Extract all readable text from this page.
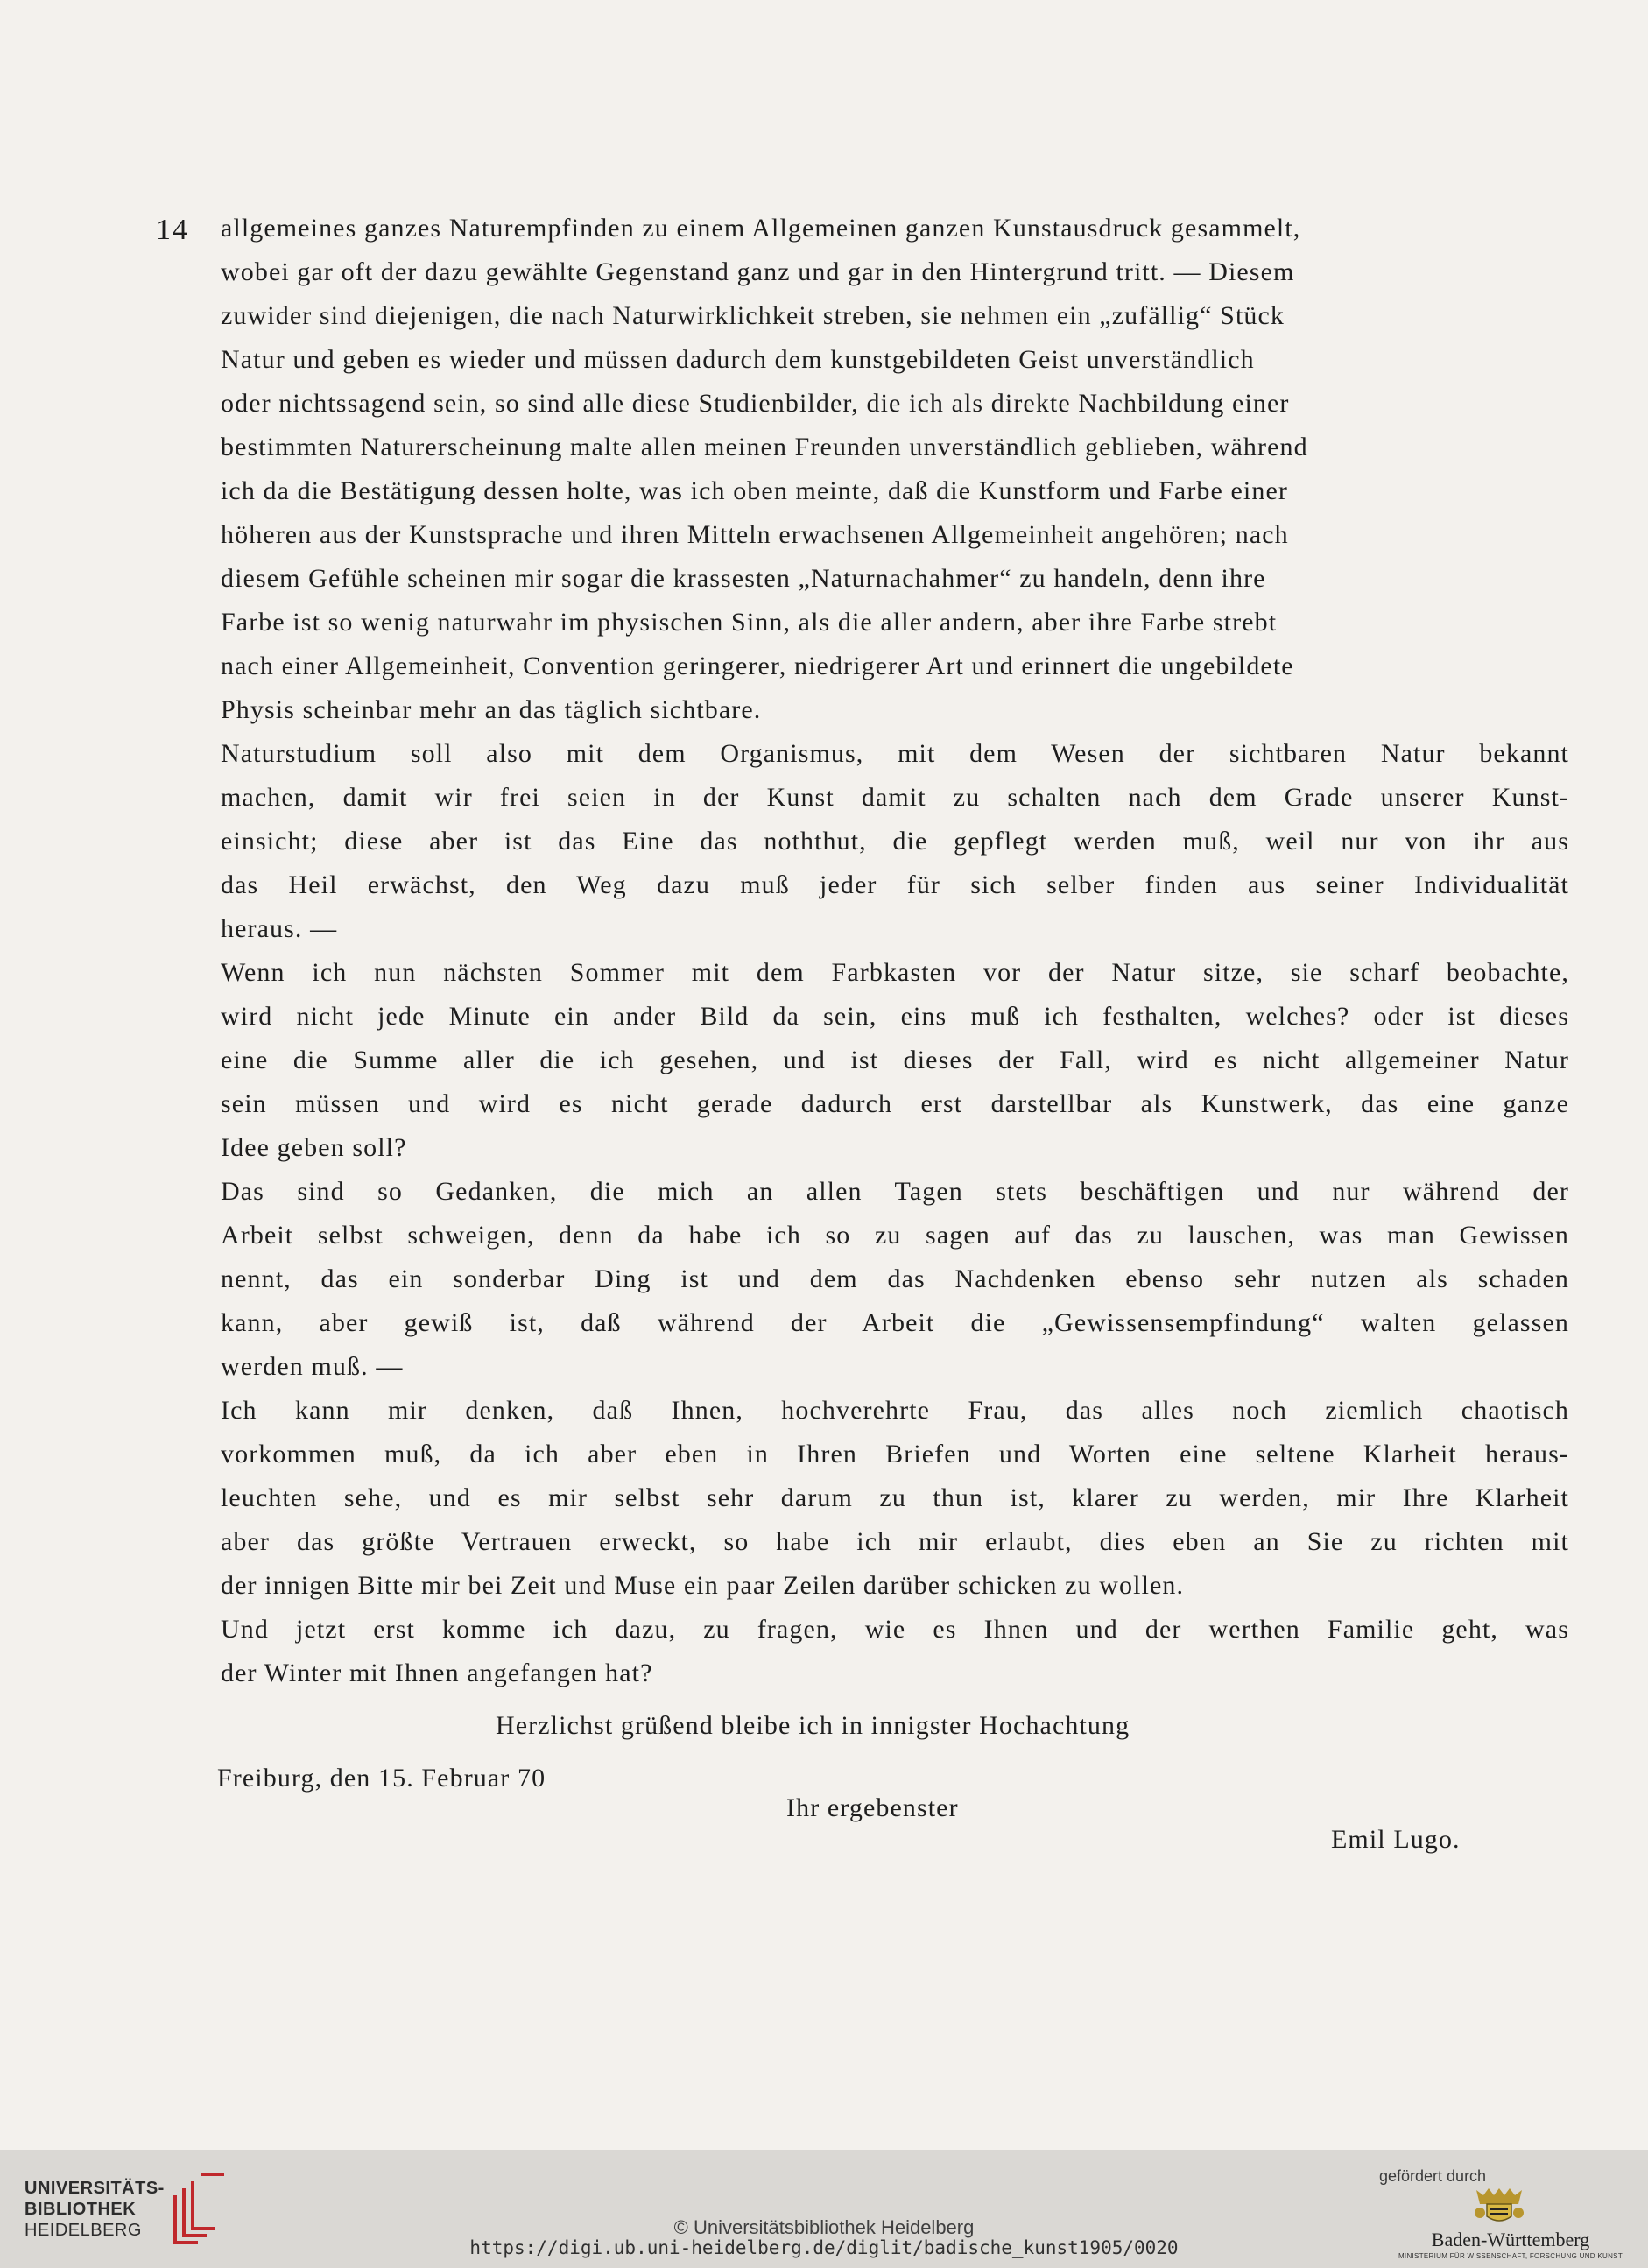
14 allgemeines ganzes Naturempfinden zu einem Allgemeinen ganzen Kunstausdruck gesammelt,
wobei gar oft der dazu gewählte Gegenstand ganz und gar in den Hintergrund tritt. — Diesem
zuwider sind diejenigen, die nach Naturwirklichkeit streben, sie nehmen ein „zufällig“ Stück
Natur und geben es wieder und müssen dadurch dem kunstgebildeten Geist unverständlich
oder nichtssagend sein, so sind alle diese Studienbilder, die ich als direkte Nachbildung einer
bestimmten Naturerscheinung malte allen meinen Freunden unverständlich geblieben, während
ich da die Bestätigung dessen holte, was ich oben meinte, daß die Kunstform und Farbe einer
höheren aus der Kunstsprache und ihren Mitteln erwachsenen Allgemeinheit angehören; nach
diesem Gefühle scheinen mir sogar die krassesten „Naturnachahmer“ zu handeln, denn ihre
Farbe ist so wenig naturwahr im physischen Sinn, als die aller andern, aber ihre Farbe strebt
nach einer Allgemeinheit, Convention geringerer, niedrigerer Art und erinnert die ungebildete
Physis scheinbar mehr an das täglich sichtbare.
Naturstudium soll also mit dem Organismus, mit dem Wesen der sichtbaren Natur bekannt
machen, damit wir frei seien in der Kunst damit zu schalten nach dem Grade unserer Kunst-
einsicht; diese aber ist das Eine das noththut, die gepflegt werden muß, weil nur von ihr aus
das Heil erwächst, den Weg dazu muß jeder für sich selber finden aus seiner Individualität
heraus. —
Wenn ich nun nächsten Sommer mit dem Farbkasten vor der Natur sitze, sie scharf beobachte,
wird nicht jede Minute ein ander Bild da sein, eins muß ich festhalten, welches? oder ist dieses
eine die Summe aller die ich gesehen, und ist dieses der Fall, wird es nicht allgemeiner Natur
sein müssen und wird es nicht gerade dadurch erst darstellbar als Kunstwerk, das eine ganze
Idee geben soll?
Das sind so Gedanken, die mich an allen Tagen stets beschäftigen und nur während der
Arbeit selbst schweigen, denn da habe ich so zu sagen auf das zu lauschen, was man Gewissen
nennt, das ein sonderbar Ding ist und dem das Nachdenken ebenso sehr nutzen als schaden
kann, aber gewiß ist, daß während der Arbeit die „Gewissensempfindung“ walten gelassen
werden muß. —
Ich kann mir denken, daß Ihnen, hochverehrte Frau, das alles noch ziemlich chaotisch
vorkommen muß, da ich aber eben in Ihren Briefen und Worten eine seltene Klarheit heraus-
leuchten sehe, und es mir selbst sehr darum zu thun ist, klarer zu werden, mir Ihre Klarheit
aber das größte Vertrauen erweckt, so habe ich mir erlaubt, dies eben an Sie zu richten mit
der innigen Bitte mir bei Zeit und Muse ein paar Zeilen darüber schicken zu wollen.
Und jetzt erst komme ich dazu, zu fragen, wie es Ihnen und der werthen Familie geht, was
der Winter mit Ihnen angefangen hat?
Herzlichst grüßend bleibe ich in innigster Hochachtung
Freiburg, den 15. Februar 70
Ihr ergebenster
Emil Lugo.
UNIVERSITÄTS-
BIBLIOTHEK
HEIDELBERG	© Universitätsbibliothek Heidelberg
https://digi.ub.uni-heidelberg.de/diglit/badische_kunst1905/0020
gefördert durch
Baden-Württemberg
MINISTERIUM FÜR WISSENSCHAFT, FORSCHUNG UND KUNST
